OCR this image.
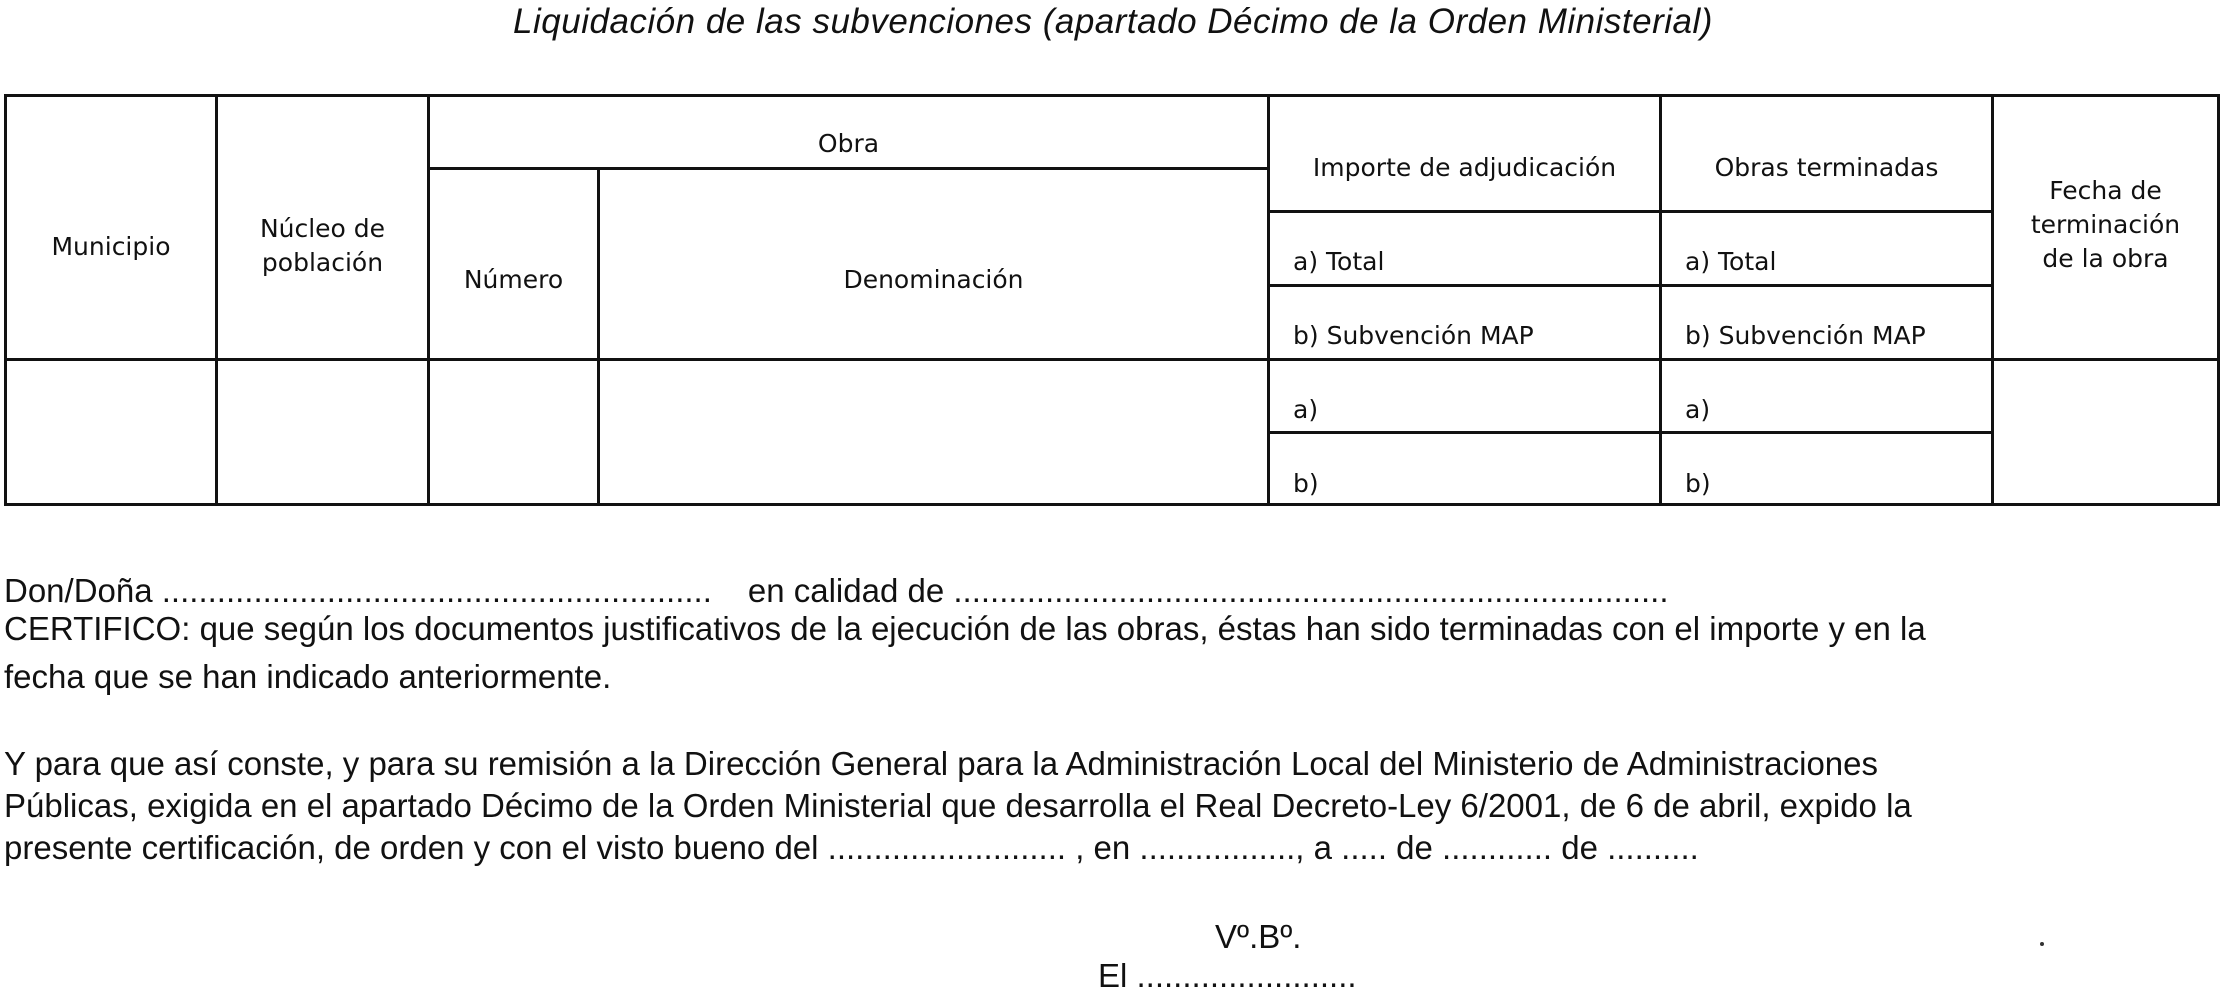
Liquidación de las subvenciones (apartado Décimo de la Orden Ministerial)
Municipio
Núcleo de
población
Obra
Número	Denominación
Importe de adjudicación
a) Total
b) Subvención MAP
Obras terminadas
a) Total
b) Subvención MAP
Fecha de
terminación
de la obra
a)
b)
a)
b)
Don/Doña ............................................................ en calidad de ..............................................................................
CERTIFICO: que según los documentos justificativos de la ejecución de las obras, éstas han sido terminadas con el importe y en la
fecha que se han indicado anteriormente.
Y para que así conste, y para su remisión a la Dirección General para la Administración Local del Ministerio de Administraciones
Públicas, exigida en el apartado Décimo de la Orden Ministerial que desarrolla el Real Decreto-Ley 6/2001, de 6 de abril, expido la
presente certificación, de orden y con el visto bueno del .......................... , en ................., a ..... de ............ de ..........
Vº.Bº.
El ........................
